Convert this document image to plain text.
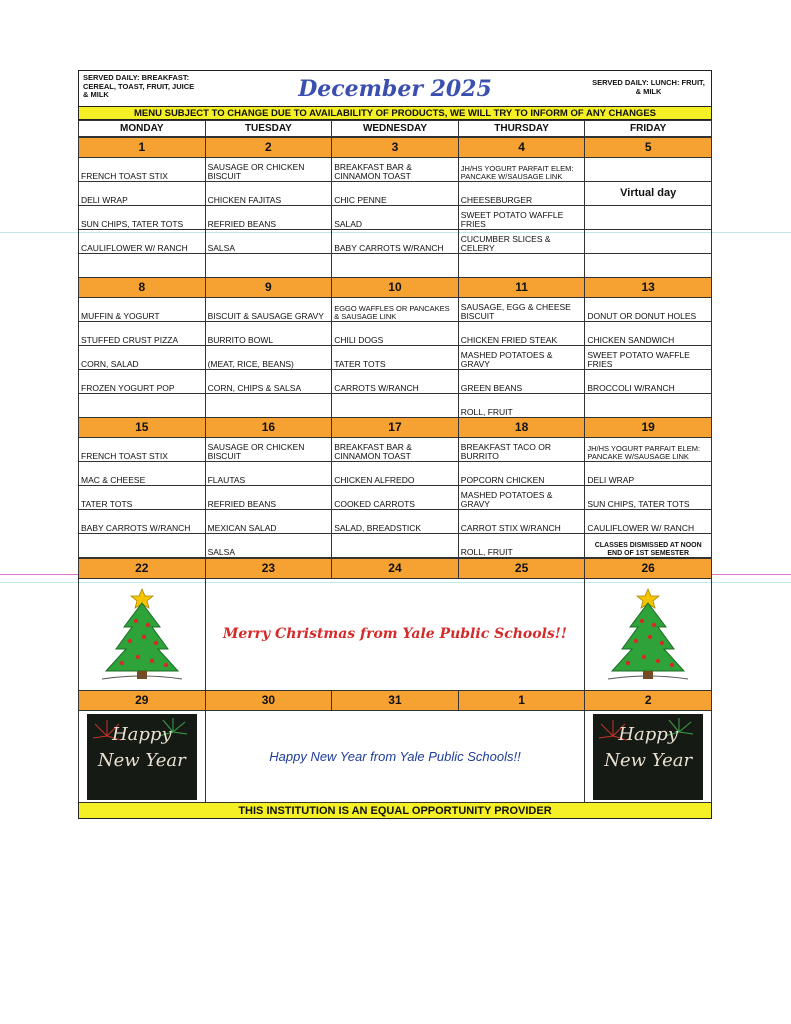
SERVED DAILY: BREAKFAST: CEREAL, TOAST, FRUIT, JUICE & MILK	December 2025	SERVED DAILY: LUNCH: FRUIT, & MILK
MENU SUBJECT TO CHANGE DUE TO AVAILABILITY OF PRODUCTS, WE WILL TRY TO INFORM OF ANY CHANGES
MONDAY	TUESDAY	WEDNESDAY	THURSDAY	FRIDAY
1	2	3	4	5
FRENCH TOAST STIX	SAUSAGE OR CHICKEN BISCUIT	BREAKFAST BAR & CINNAMON TOAST	JH/HS YOGURT PARFAIT ELEM: PANCAKE W/SAUSAGE LINK	
DELI WRAP	CHICKEN FAJITAS	CHIC PENNE	CHEESEBURGER	Virtual day
SUN CHIPS, TATER TOTS	REFRIED BEANS	SALAD	SWEET POTATO WAFFLE FRIES	
CAULIFLOWER W/ RANCH	SALSA	BABY CARROTS W/RANCH	CUCUMBER SLICES & CELERY	

8	9	10	11	13
MUFFIN & YOGURT	BISCUIT & SAUSAGE GRAVY	EGGO WAFFLES OR PANCAKES & SAUSAGE LINK	SAUSAGE, EGG & CHEESE BISCUIT	DONUT OR DONUT HOLES
STUFFED CRUST PIZZA	BURRITO BOWL	CHILI DOGS	CHICKEN FRIED STEAK	CHICKEN SANDWICH
CORN, SALAD	(MEAT, RICE, BEANS)	TATER TOTS	MASHED POTATOES & GRAVY	SWEET POTATO WAFFLE FRIES
FROZEN YOGURT POP	CORN, CHIPS & SALSA	CARROTS W/RANCH	GREEN BEANS	BROCCOLI W/RANCH
			ROLL, FRUIT	
15	16	17	18	19
FRENCH TOAST STIX	SAUSAGE OR CHICKEN BISCUIT	BREAKFAST BAR & CINNAMON TOAST	BREAKFAST TACO OR BURRITO	JH/HS YOGURT PARFAIT ELEM: PANCAKE W/SAUSAGE LINK
MAC & CHEESE	FLAUTAS	CHICKEN ALFREDO	POPCORN CHICKEN	DELI WRAP
TATER TOTS	REFRIED BEANS	COOKED CARROTS	MASHED POTATOES & GRAVY	SUN CHIPS, TATER TOTS
BABY CARROTS W/RANCH	MEXICAN SALAD	SALAD, BREADSTICK	CARROT STIX W/RANCH	CAULIFLOWER W/ RANCH
	SALSA		ROLL, FRUIT	CLASSES DISMISSED AT NOON END OF 1ST SEMESTER
22	23	24	25	26

Merry Christmas from Yale Public Schools!!

29	30	31	1	2

Happy
New Year	Happy New Year from Yale Public Schools!!			Happy
New Year
THIS INSTITUTION IS AN EQUAL OPPORTUNITY PROVIDER
